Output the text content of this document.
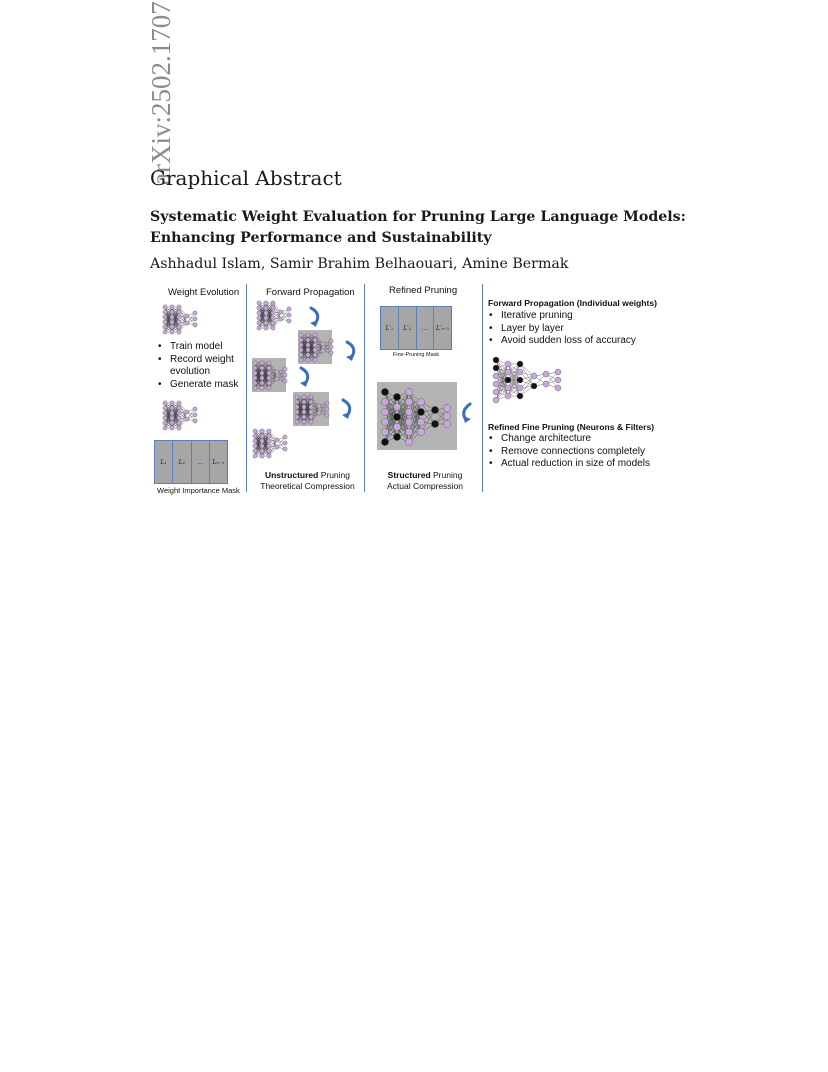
arXiv:2502.1707
Graphical Abstract
Systematic Weight Evaluation for Pruning Large Language Models:
Enhancing Performance and Sustainability
Ashhadul Islam, Samir Brahim Belhaouari, Amine Bermak
Weight Evolution
• Train model
• Record weight evolution
• Generate mask
L₁	L₂	...	Lₙ₋₁
Weight Importance Mask
Forward Propagation
Unstructured Pruning
Theoretical Compression
Refined Pruning
L′₁	L′₂	...	L′ₙ₋₁
Fine-Pruning Mask
Structured Pruning
Actual Compression
Forward Propagation (Individual weights)
• Iterative pruning
• Layer by layer
• Avoid sudden loss of accuracy
Refined Fine Pruning (Neurons & Filters)
• Change architecture
• Remove connections completely
• Actual reduction in size of models
